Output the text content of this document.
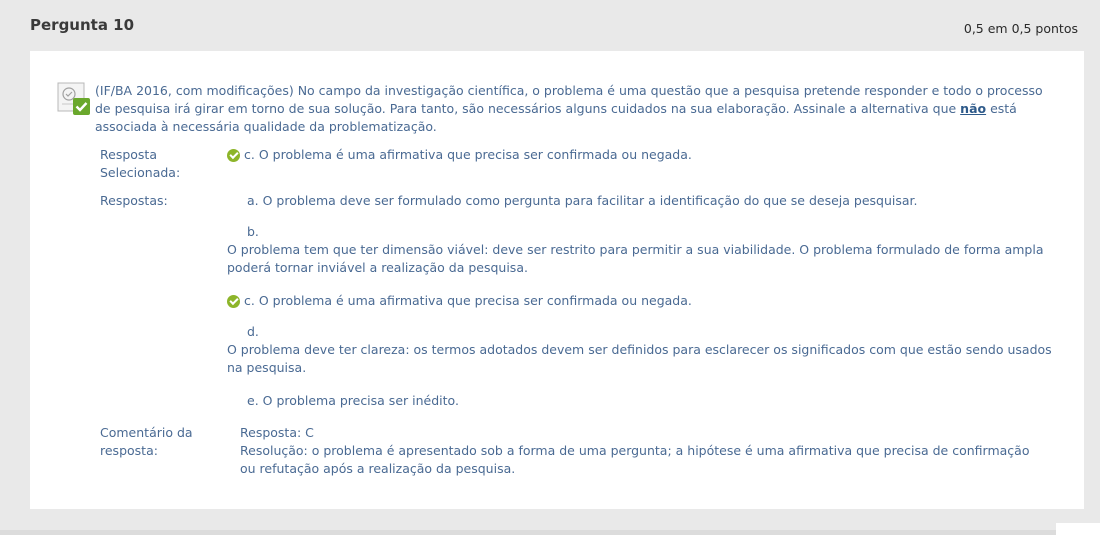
Pergunta 10	0,5 em 0,5 pontos
(IF/BA 2016, com modificações) No campo da investigação científica, o problema é uma questão que a pesquisa pretende responder e todo o processo de pesquisa irá girar em torno de sua solução. Para tanto, são necessários alguns cuidados na sua elaboração. Assinale a alternativa que não está associada à necessária qualidade da problematização.
Resposta Selecionada:
c. O problema é uma afirmativa que precisa ser confirmada ou negada.
Respostas:	a. O problema deve ser formulado como pergunta para facilitar a identificação do que se deseja pesquisar.
b.
O problema tem que ter dimensão viável: deve ser restrito para permitir a sua viabilidade. O problema formulado de forma ampla poderá tornar inviável a realização da pesquisa.
c. O problema é uma afirmativa que precisa ser confirmada ou negada.
d.
O problema deve ter clareza: os termos adotados devem ser definidos para esclarecer os significados com que estão sendo usados na pesquisa.
e. O problema precisa ser inédito.
Comentário da resposta:
Resposta: C
Resolução: o problema é apresentado sob a forma de uma pergunta; a hipótese é uma afirmativa que precisa de confirmação ou refutação após a realização da pesquisa.
